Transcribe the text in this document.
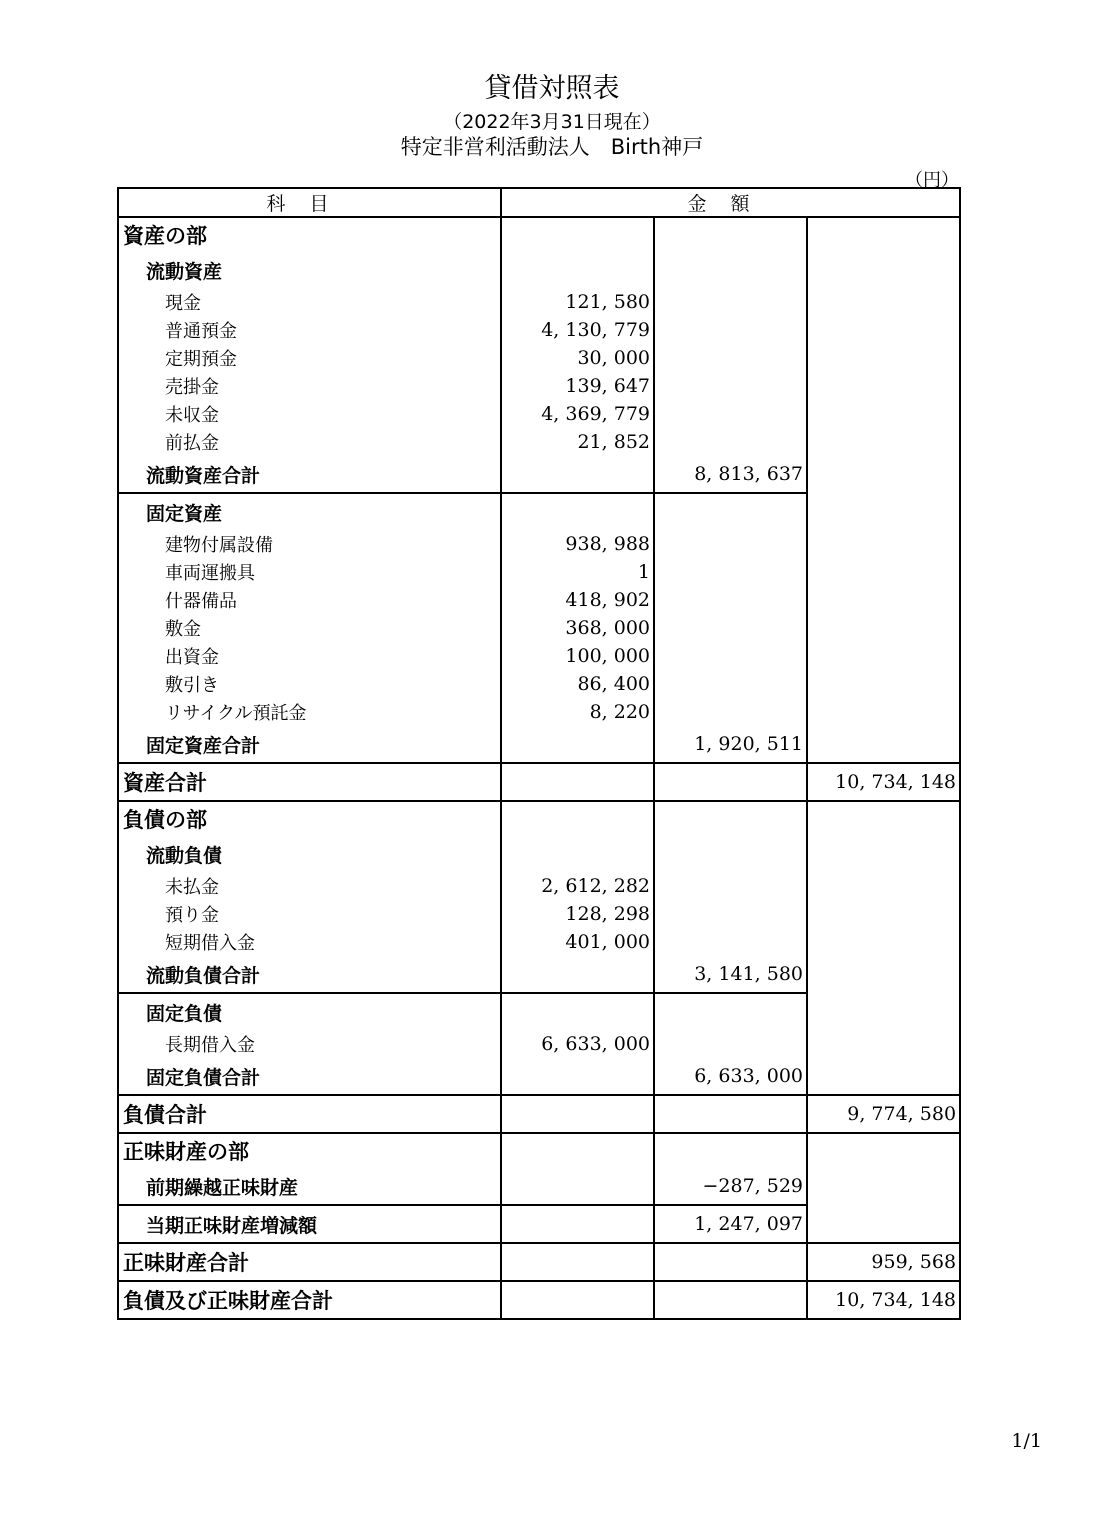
貸借対照表
（2022年3月31日現在）
特定非営利活動法人　Birth神戸
（円）
科目	金額		
資産の部			
流動資産			
現金	121, 580		
普通預金	4, 130, 779		
定期預金	30, 000		
売掛金	139, 647		
未収金	4, 369, 779		
前払金	21, 852		
流動資産合計		8, 813, 637	
固定資産			
建物付属設備	938, 988		
車両運搬具	1		
什器備品	418, 902		
敷金	368, 000		
出資金	100, 000		
敷引き	86, 400		
リサイクル預託金	8, 220		
固定資産合計		1, 920, 511	
資産合計			10, 734, 148
負債の部			
流動負債			
未払金	2, 612, 282		
預り金	128, 298		
短期借入金	401, 000		
流動負債合計		3, 141, 580	
固定負債			
長期借入金	6, 633, 000		
固定負債合計		6, 633, 000	
負債合計			9, 774, 580
正味財産の部			
前期繰越正味財産		−287, 529	
当期正味財産増減額		1, 247, 097	
正味財産合計			959, 568
負債及び正味財産合計			10, 734, 148
1/1
